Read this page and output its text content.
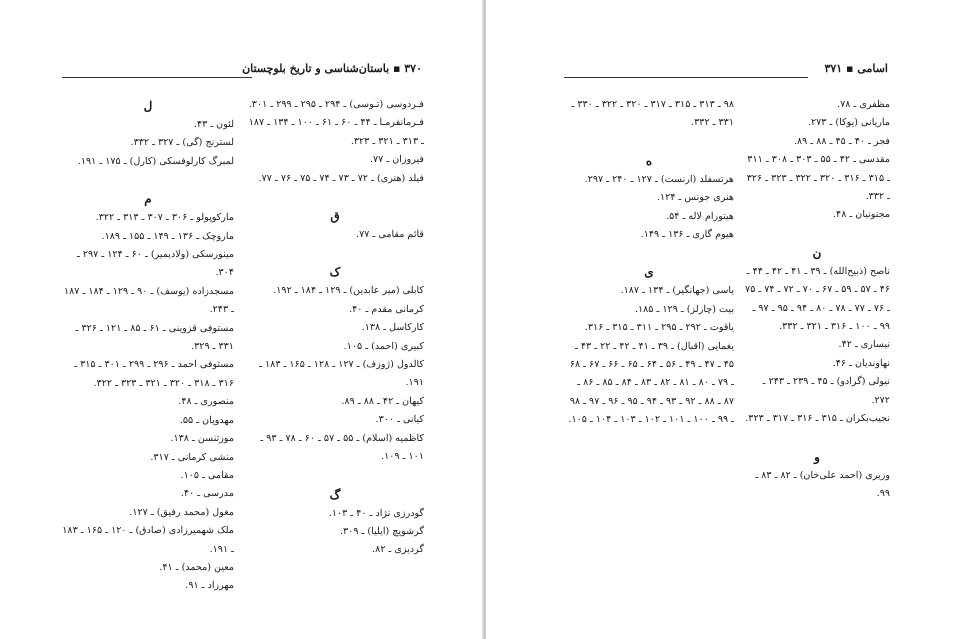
۳۷۰ ▪ باستان‌شناسی و تاریخ بلوچستان
فـردوسی (تـوسی) ـ ۲۹۴ ـ ۲۹۵ ـ ۲۹۹ ـ ۳۰۱.
فـرمانفرمـا ـ ۴۴ ـ ۶۰ ـ ۶۱ ـ ۱۰۰ ـ ۱۳۴ ـ ۱۸۷ ـ ۳۱۳ ـ ۳۲۱ ـ ۳۲۳.
فیروزان ـ ۷۷.
فیلد (هنری) ـ ۷۲ ـ ۷۳ ـ ۷۴ ـ ۷۵ ـ ۷۶ ـ ۷۷.
ق
قائم مقامی ـ ۷۷.
ک
کابلی (میر عابدین) ـ ۱۲۹ ـ ۱۸۴ ـ ۱۹۲.
کرمانی مقدم ـ ۴۰.
کارکاسل ـ ۱۳۸.
کبیری (احمد) ـ ۱۰۵.
کالدول (ژوزف) ـ ۱۲۷ ـ ۱۲۸ ـ ۱۶۵ ـ ۱۸۳ ـ ۱۹۱.
کیهان ـ ۴۲ ـ ۸۸ ـ ۸۹.
کیانی ـ ۳۰۰.
کاظمیه (اسلام) ـ ۵۵ ـ ۵۷ ـ ۶۰ ـ ۷۸ ـ ۹۳ ـ ۱۰۱ ـ ۱۰۹.
گ
گودرزی نژاد ـ ۴۰ ـ ۱۰۳.
گرشویچ (ایلیا) ـ ۳۰۹.
گردیزی ـ ۸۲.
ل
لئون ـ ۴۳.
لسترنج (گی) ـ ۳۲۷ ـ ۳۳۲.
لمبرگ کارلوفسکی (کارل) ـ ۱۷۵ ـ ۱۹۱.
م
مارکوپولو ـ ۳۰۶ ـ ۳۰۷ ـ ۳۱۳ ـ ۳۲۲.
ماروچک ـ ۱۳۶ ـ ۱۴۹ ـ ۱۵۵ ـ ۱۸۹.
مینورسکی (ولادیمیر) ـ ۶۰ ـ ۱۲۴ ـ ۲۹۷ ـ ۳۰۴.
مسجدزاده (یوسف) ـ ۹۰ ـ ۱۲۹ ـ ۱۸۴ ـ ۱۸۷ ـ ۲۴۳.
مستوفی قزوینی ـ ۶۱ ـ ۸۵ ـ ۱۲۱ ـ ۳۲۶ ـ ۳۳۱ ـ ۳۲۹.
مستوفی احمد ـ ۲۹۶ ـ ۲۹۹ ـ ۳۰۱ ـ ۳۱۵ ـ ۳۱۶ ـ ۳۱۸ ـ ۳۲۰ ـ ۳۲۱ ـ ۳۲۳ ـ ۳۲۲.
منصوری ـ ۴۸.
مهدویان ـ ۵۵.
مورتنسن ـ ۱۳۸.
منشی کرمانی ـ ۳۱۷.
مقامی ـ ۱۰۵.
مدرسی ـ ۴۰.
مغول (محمد رفیق) ـ ۱۲۷.
ملک شهمیرزادی (صادق) ـ ۱۲۰ ـ ۱۶۵ ـ ۱۸۳ ـ ۱۹۱.
معین (محمد) ـ ۴۱.
مهرزاد ـ ۹۱.
اسامی ▪ ۳۷۱
مظفری ـ ۷۸.
ماریانی (یوکا) ـ ۲۷۳.
فجر ـ ۴۰ ـ ۴۵ ـ ۸۸ ـ ۸۹.
مقدسی ـ ۴۲ ـ ۵۵ ـ ۳۰۳ ـ ۳۰۸ ـ ۳۱۱ ـ ۳۱۵ ـ ۳۱۶ ـ ۳۲۰ ـ ۳۲۲ ـ ۳۲۳ ـ ۳۲۶ ـ ۳۳۲.
مجنونیان ـ ۴۸.
ن
ناصح (ذبیح‌الله) ـ ۳۹ ـ ۴۱ ـ ۴۲ ـ ۴۴ ـ ۴۶ ـ ۵۷ ـ ۵۹ ـ ۶۷ ـ ۷۰ ـ ۷۲ ـ ۷۴ ـ ۷۵ ـ ۷۶ ـ ۷۷ ـ ۷۸ ـ ۸۰ ـ ۹۴ ـ ۹۵ ـ ۹۷ ـ ۹۹ ـ ۱۰۰ ـ ۳۱۶ ـ ۳۲۱ ـ ۳۳۲.
نیساری ـ ۴۲.
نهاوندیان ـ ۴۶.
نیولی (گرادو) ـ ۴۵ ـ ۲۳۹ ـ ۲۴۳ ـ ۲۷۲.
نجیب‌بکران ـ ۳۱۵ ـ ۳۱۶ ـ ۳۱۷ ـ ۳۲۳.
و
وزیری (احمد علی‌خان) ـ ۸۲ ـ ۸۳ ـ ۹۹.
۹۸ ـ ۳۱۳ ـ ۳۱۵ ـ ۳۱۷ ـ ۳۲۰ ـ ۳۲۲ ـ ۳۳۰ ـ ۳۳۱ ـ ۳۳۲.
ه
هرتسفلد (ارنست) ـ ۱۲۷ ـ ۲۴۰ ـ ۲۹۷.
هنری جونس ـ ۱۲۴.
هیتورام لاله ـ ۵۴.
هیوم گاری ـ ۱۳۶ ـ ۱۴۹.
ی
یاسی (جهانگیر) ـ ۱۳۴ ـ ۱۸۷.
بیت (چارلز) ـ ۱۲۹ ـ ۱۸۵.
یاقوت ـ ۲۹۲ ـ ۲۹۵ ـ ۳۱۱ ـ ۳۱۵ ـ ۳۱۶.
یغمایی (اقبال) ـ ۳۹ ـ ۴۱ ـ ۴۲ ـ ۲۲ ـ ۴۳ ـ ۴۵ ـ ۴۷ ـ ۴۹ ـ ۵۶ ـ ۶۴ ـ ۶۵ ـ ۶۶ ـ ۶۷ ـ ۶۸ ـ ۷۹ ـ ۸۰ ـ ۸۱ ـ ۸۲ ـ ۸۳ ـ ۸۴ ـ ۸۵ ـ ۸۶ ـ ۸۷ ـ ۸۸ ـ ۹۲ ـ ۹۳ ـ ۹۴ ـ ۹۵ ـ ۹۶ ـ ۹۷ ـ ۹۸ ـ ۹۹ ـ ۱۰۰ ـ ۱۰۱ ـ ۱۰۲ ـ ۱۰۳ ـ ۱۰۴ ـ ۱۰۵.
